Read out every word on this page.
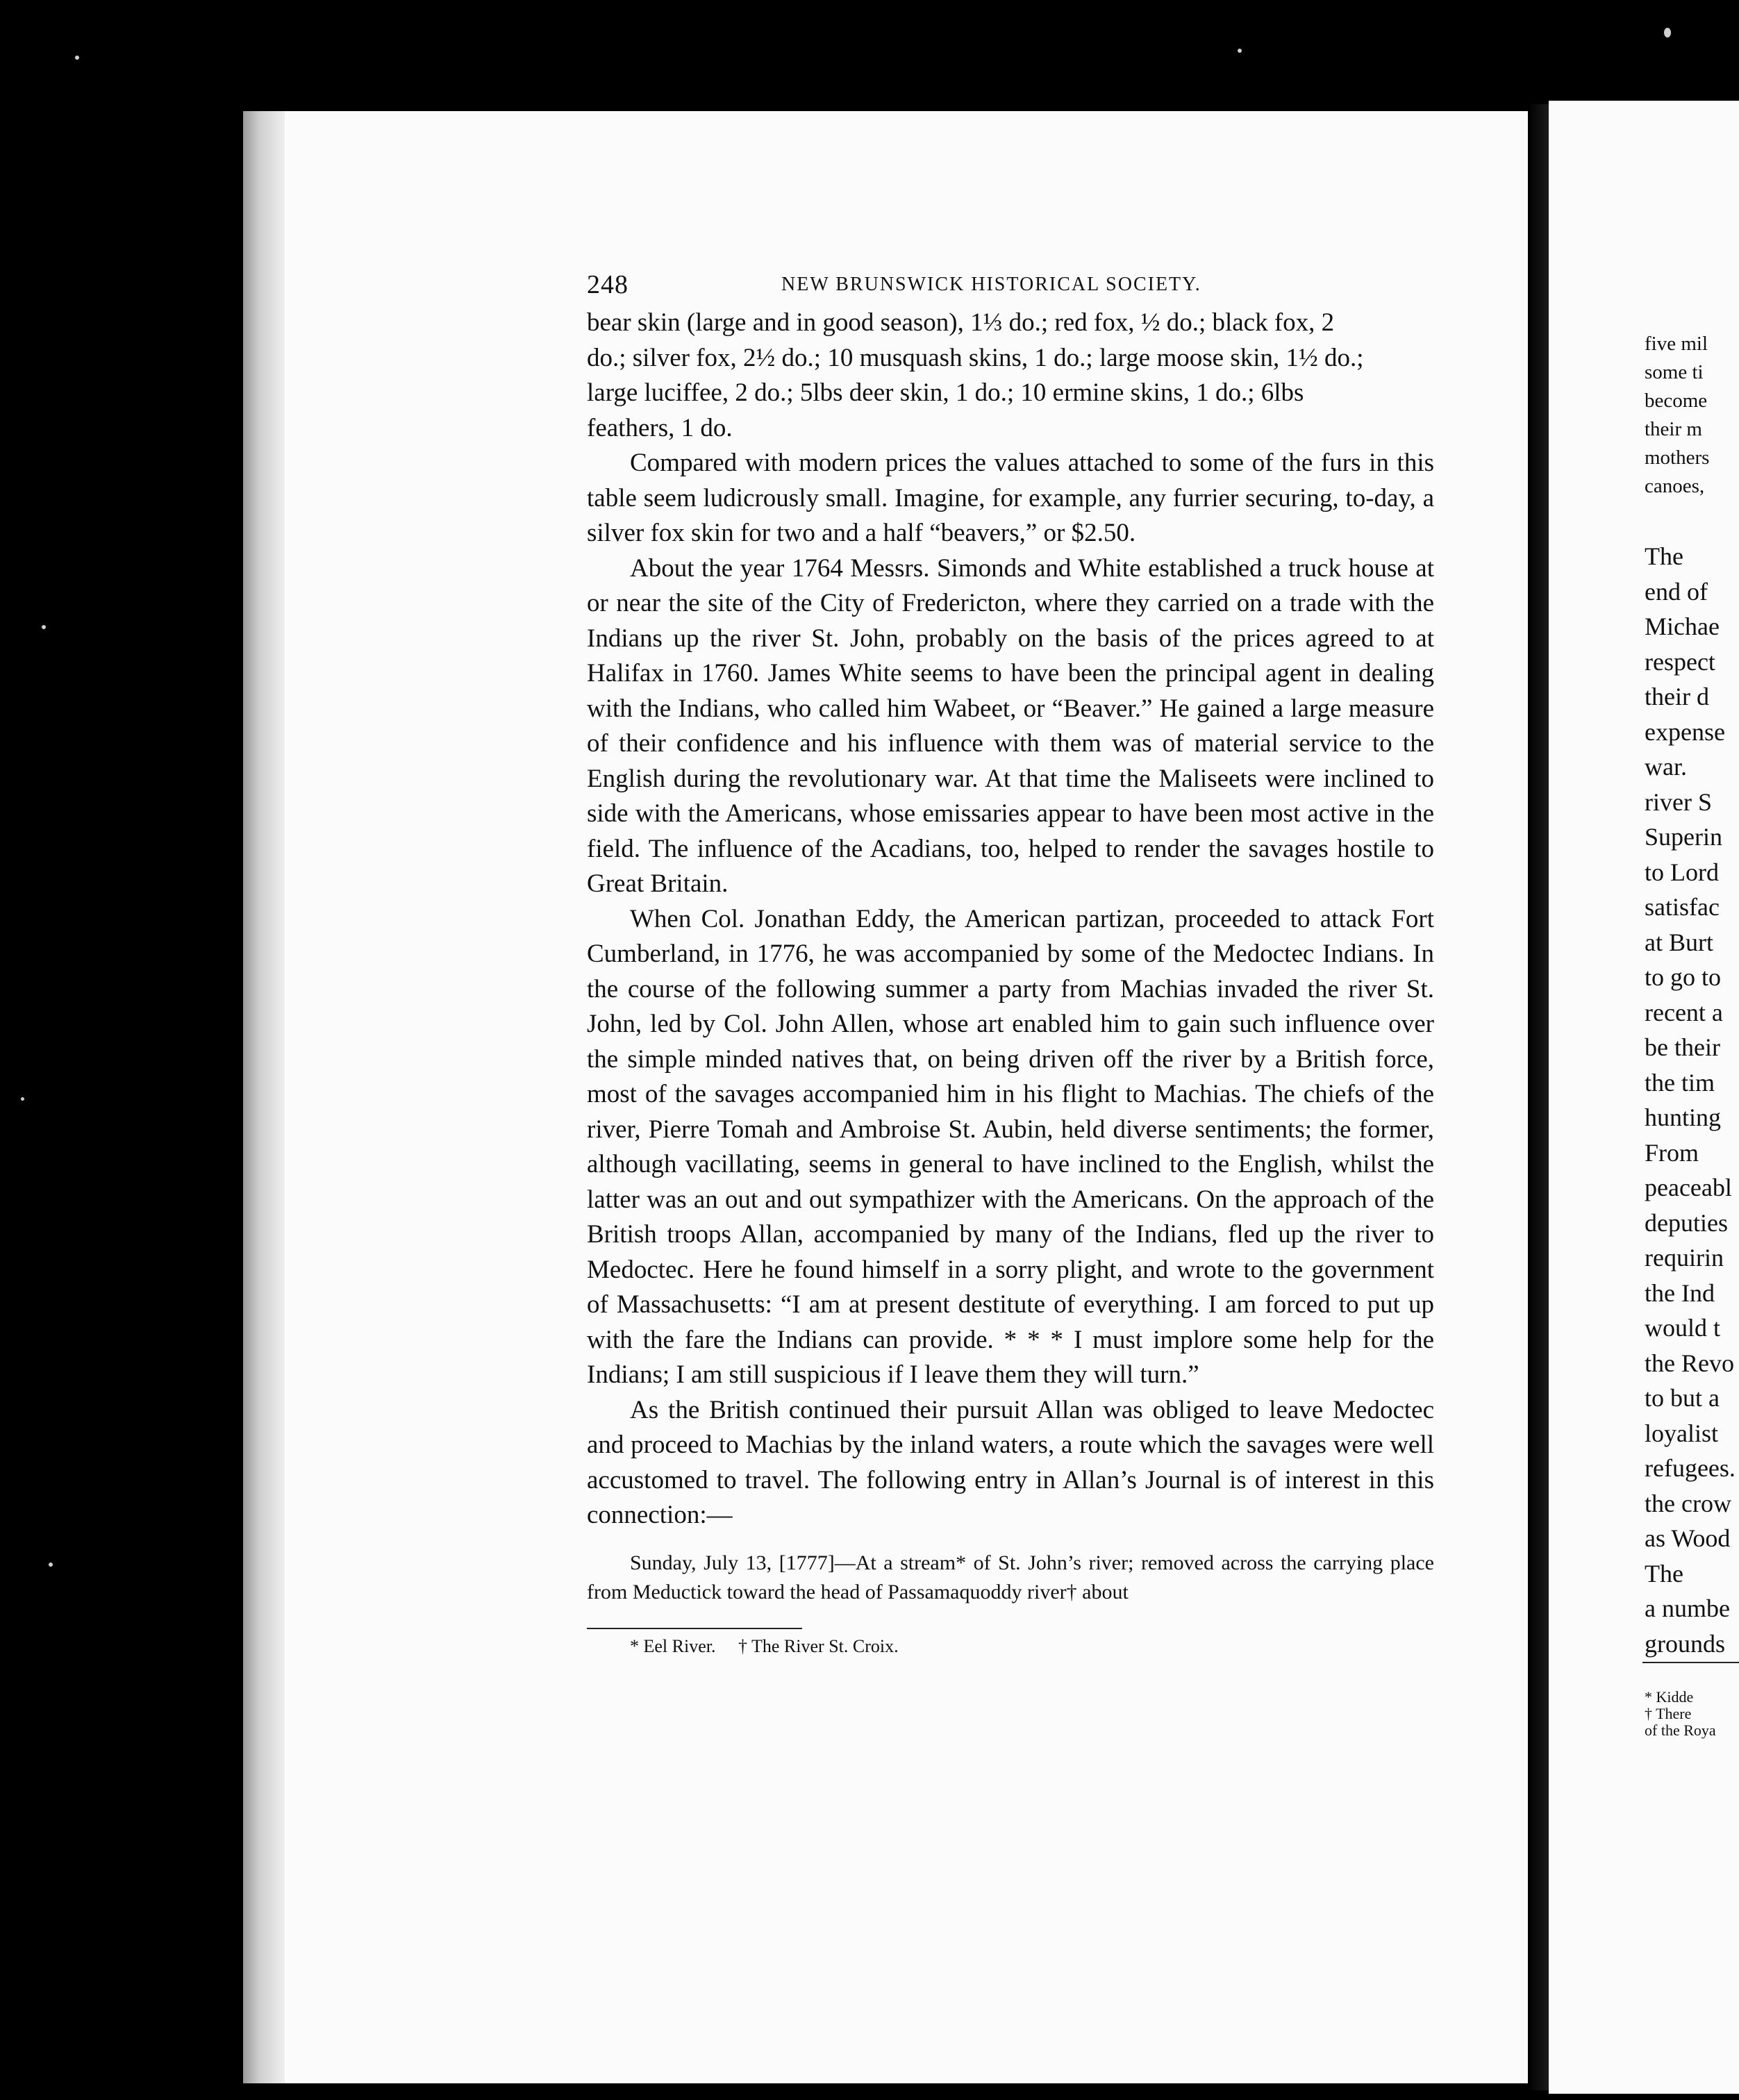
248	NEW BRUNSWICK HISTORICAL SOCIETY.

bear skin (large and in good season), 1⅓ do.; red fox, ½ do.; black fox, 2

do.; silver fox, 2½ do.; 10 musquash skins, 1 do.; large moose skin, 1½ do.;

large luciffee, 2 do.; 5lbs deer skin, 1 do.; 10 ermine skins, 1 do.; 6lbs

feathers, 1 do.

Compared with modern prices the values attached to some of the furs in this table seem ludicrously small. Imagine, for example, any furrier securing, to-day, a silver fox skin for two and a half “beavers,” or $2.50.

About the year 1764 Messrs. Simonds and White established a truck house at or near the site of the City of Fredericton, where they carried on a trade with the Indians up the river St. John, probably on the basis of the prices agreed to at Halifax in 1760. James White seems to have been the principal agent in dealing with the Indians, who called him Wabeet, or “Beaver.” He gained a large measure of their confidence and his influence with them was of material service to the English during the revolutionary war. At that time the Maliseets were inclined to side with the Americans, whose emissaries appear to have been most active in the field. The influence of the Acadians, too, helped to render the savages hostile to Great Britain.

When Col. Jonathan Eddy, the American partizan, proceeded to attack Fort Cumberland, in 1776, he was accompanied by some of the Medoctec Indians. In the course of the following summer a party from Machias invaded the river St. John, led by Col. John Allen, whose art enabled him to gain such influence over the simple minded natives that, on being driven off the river by a British force, most of the savages accompanied him in his flight to Machias. The chiefs of the river, Pierre Tomah and Ambroise St. Aubin, held diverse sentiments; the former, although vacillating, seems in general to have inclined to the English, whilst the latter was an out and out sympathizer with the Americans. On the approach of the British troops Allan, accompanied by many of the Indians, fled up the river to Medoctec. Here he found himself in a sorry plight, and wrote to the government of Massachusetts: “I am at present destitute of everything. I am forced to put up with the fare the Indians can provide. * * * I must implore some help for the Indians; I am still suspicious if I leave them they will turn.”

As the British continued their pursuit Allan was obliged to leave Medoctec and proceed to Machias by the inland waters, a route which the savages were well accustomed to travel. The following entry in Allan’s Journal is of interest in this connection:—

Sunday, July 13, [1777]—At a stream* of St. John’s river; removed across the carrying place from Meductick toward the head of Passamaquoddy river† about

* Eel River. † The River St. Croix.
five mil
some ti
become
their m
mothers
canoes,
The
end of
Michae
respect
their d
expense
war.
river S
Superin
to Lord
satisfac
at Burt
to go to
recent a
be their
the tim
hunting
From
peaceabl
deputies
requirin
the Ind
would t
the Revo
to but a
loyalist
refugees.
the crow
as Wood
The
a numbe
grounds
* Kidde
† There
of the Roya
